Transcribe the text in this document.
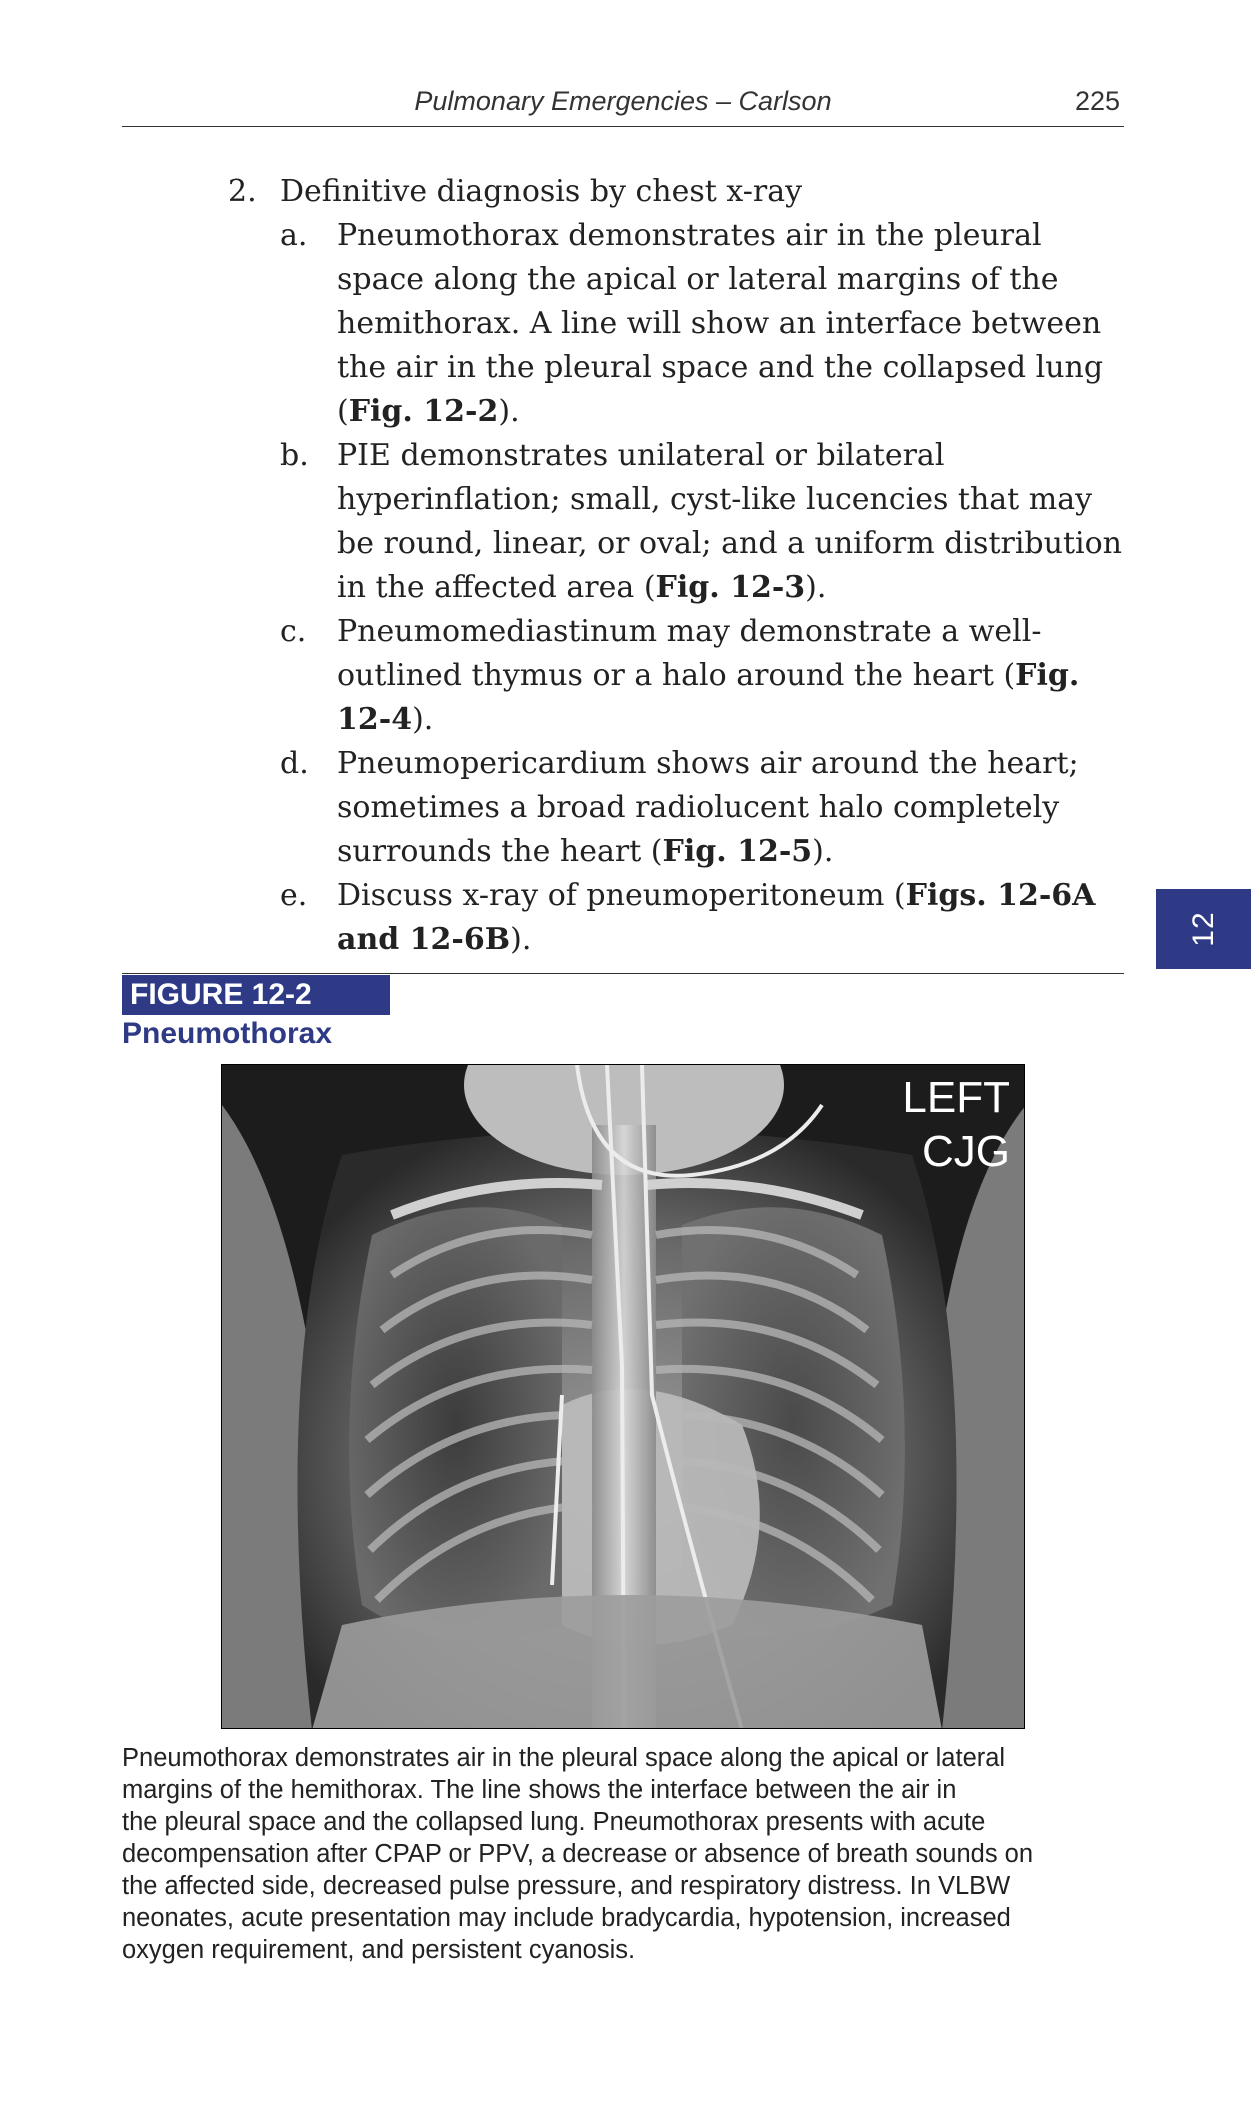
Pulmonary Emergencies – Carlson	225
12
2. Definitive diagnosis by chest x-ray
a. Pneumothorax demonstrates air in the pleural space along the apical or lateral margins of the hemithorax. A line will show an interface between the air in the pleural space and the collapsed lung (Fig. 12-2).
b. PIE demonstrates unilateral or bilateral hyperinflation; small, cyst-like lucencies that may be round, linear, or oval; and a uniform distribution in the affected area (Fig. 12-3).
c.	Pneumomediastinum may demonstrate a well-outlined thymus or a halo around the heart (Fig. 12-4).
d. Pneumopericardium shows air around the heart; sometimes a broad radiolucent halo completely surrounds the heart (Fig. 12-5).
e. Discuss x-ray of pneumoperitoneum (Figs. 12-6A and 12-6B).
FIGURE 12-2
Pneumothorax
LEFT
CJG
Pneumothorax demonstrates air in the pleural space along the apical or lateral
margins of the hemithorax. The line shows the interface between the air in
the pleural space and the collapsed lung. Pneumothorax presents with acute
decompensation after CPAP or PPV, a decrease or absence of breath sounds on
the affected side, decreased pulse pressure, and respiratory distress. In VLBW
neonates, acute presentation may include bradycardia, hypotension, increased
oxygen requirement, and persistent cyanosis.
